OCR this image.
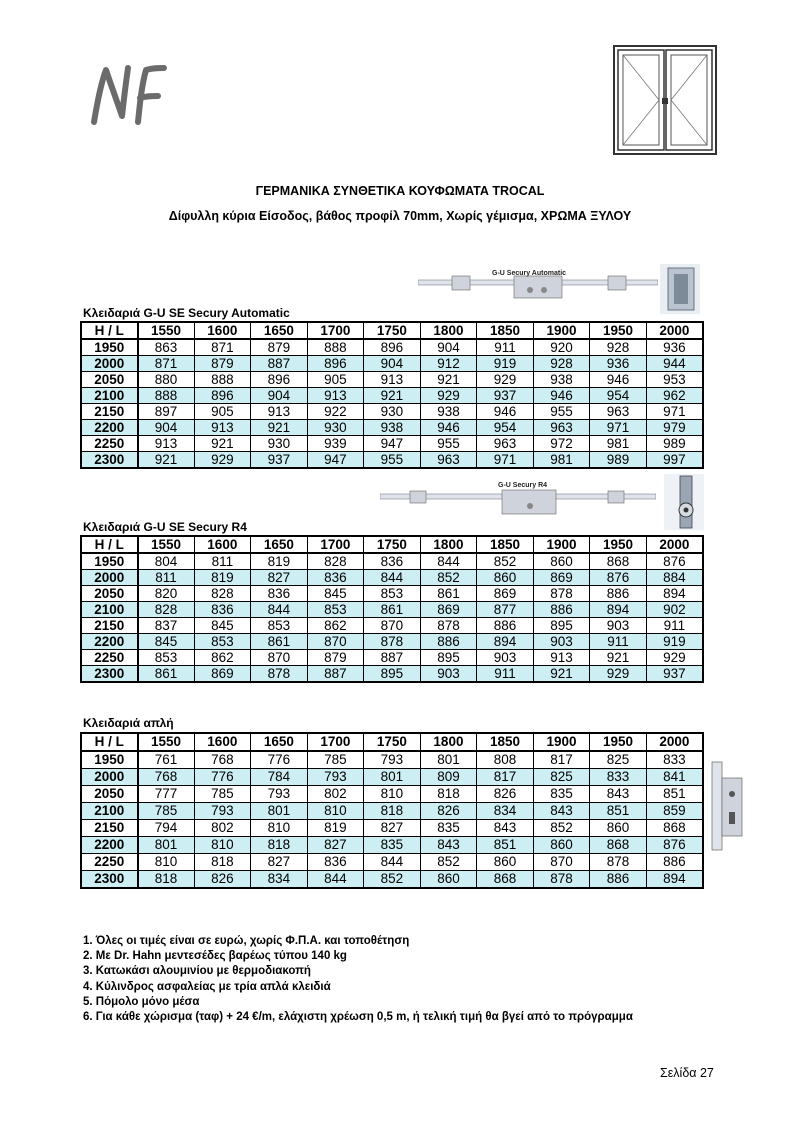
ΓΕΡΜΑΝΙΚΑ ΣΥΝΘΕΤΙΚΑ ΚΟΥΦΩΜΑΤΑ TROCAL
Δίφυλλη κύρια Είσοδος, βάθος προφίλ 70mm, Χωρίς γέμισμα, ΧΡΩΜΑ ΞΥΛΟΥ
G-U Secury Automatic
Κλειδαριά G-U SE Secury Automatic
H / L	1550	1600	1650	1700	1750	1800	1850	1900	1950	2000
1950	863	871	879	888	896	904	911	920	928	936
2000	871	879	887	896	904	912	919	928	936	944
2050	880	888	896	905	913	921	929	938	946	953
2100	888	896	904	913	921	929	937	946	954	962
2150	897	905	913	922	930	938	946	955	963	971
2200	904	913	921	930	938	946	954	963	971	979
2250	913	921	930	939	947	955	963	972	981	989
2300	921	929	937	947	955	963	971	981	989	997
G-U Secury R4
Κλειδαριά G-U SE Secury R4
H / L	1550	1600	1650	1700	1750	1800	1850	1900	1950	2000
1950	804	811	819	828	836	844	852	860	868	876
2000	811	819	827	836	844	852	860	869	876	884
2050	820	828	836	845	853	861	869	878	886	894
2100	828	836	844	853	861	869	877	886	894	902
2150	837	845	853	862	870	878	886	895	903	911
2200	845	853	861	870	878	886	894	903	911	919
2250	853	862	870	879	887	895	903	913	921	929
2300	861	869	878	887	895	903	911	921	929	937
Κλειδαριά απλή
H / L	1550	1600	1650	1700	1750	1800	1850	1900	1950	2000
1950	761	768	776	785	793	801	808	817	825	833
2000	768	776	784	793	801	809	817	825	833	841
2050	777	785	793	802	810	818	826	835	843	851
2100	785	793	801	810	818	826	834	843	851	859
2150	794	802	810	819	827	835	843	852	860	868
2200	801	810	818	827	835	843	851	860	868	876
2250	810	818	827	836	844	852	860	870	878	886
2300	818	826	834	844	852	860	868	878	886	894
1. Όλες οι τιμές είναι σε ευρώ, χωρίς Φ.Π.Α. και τοποθέτηση
2. Με Dr. Hahn μεντεσέδες βαρέως τύπου 140 kg
3. Κατωκάσι αλουμινίου με θερμοδιακοπή
4. Κύλινδρος ασφαλείας με τρία απλά κλειδιά
5. Πόμολο μόνο μέσα
6. Για κάθε χώρισμα (ταφ) + 24 €/m, ελάχιστη χρέωση 0,5 m, ή τελική τιμή θα βγεί από το πρόγραμμα
Σελίδα 27
